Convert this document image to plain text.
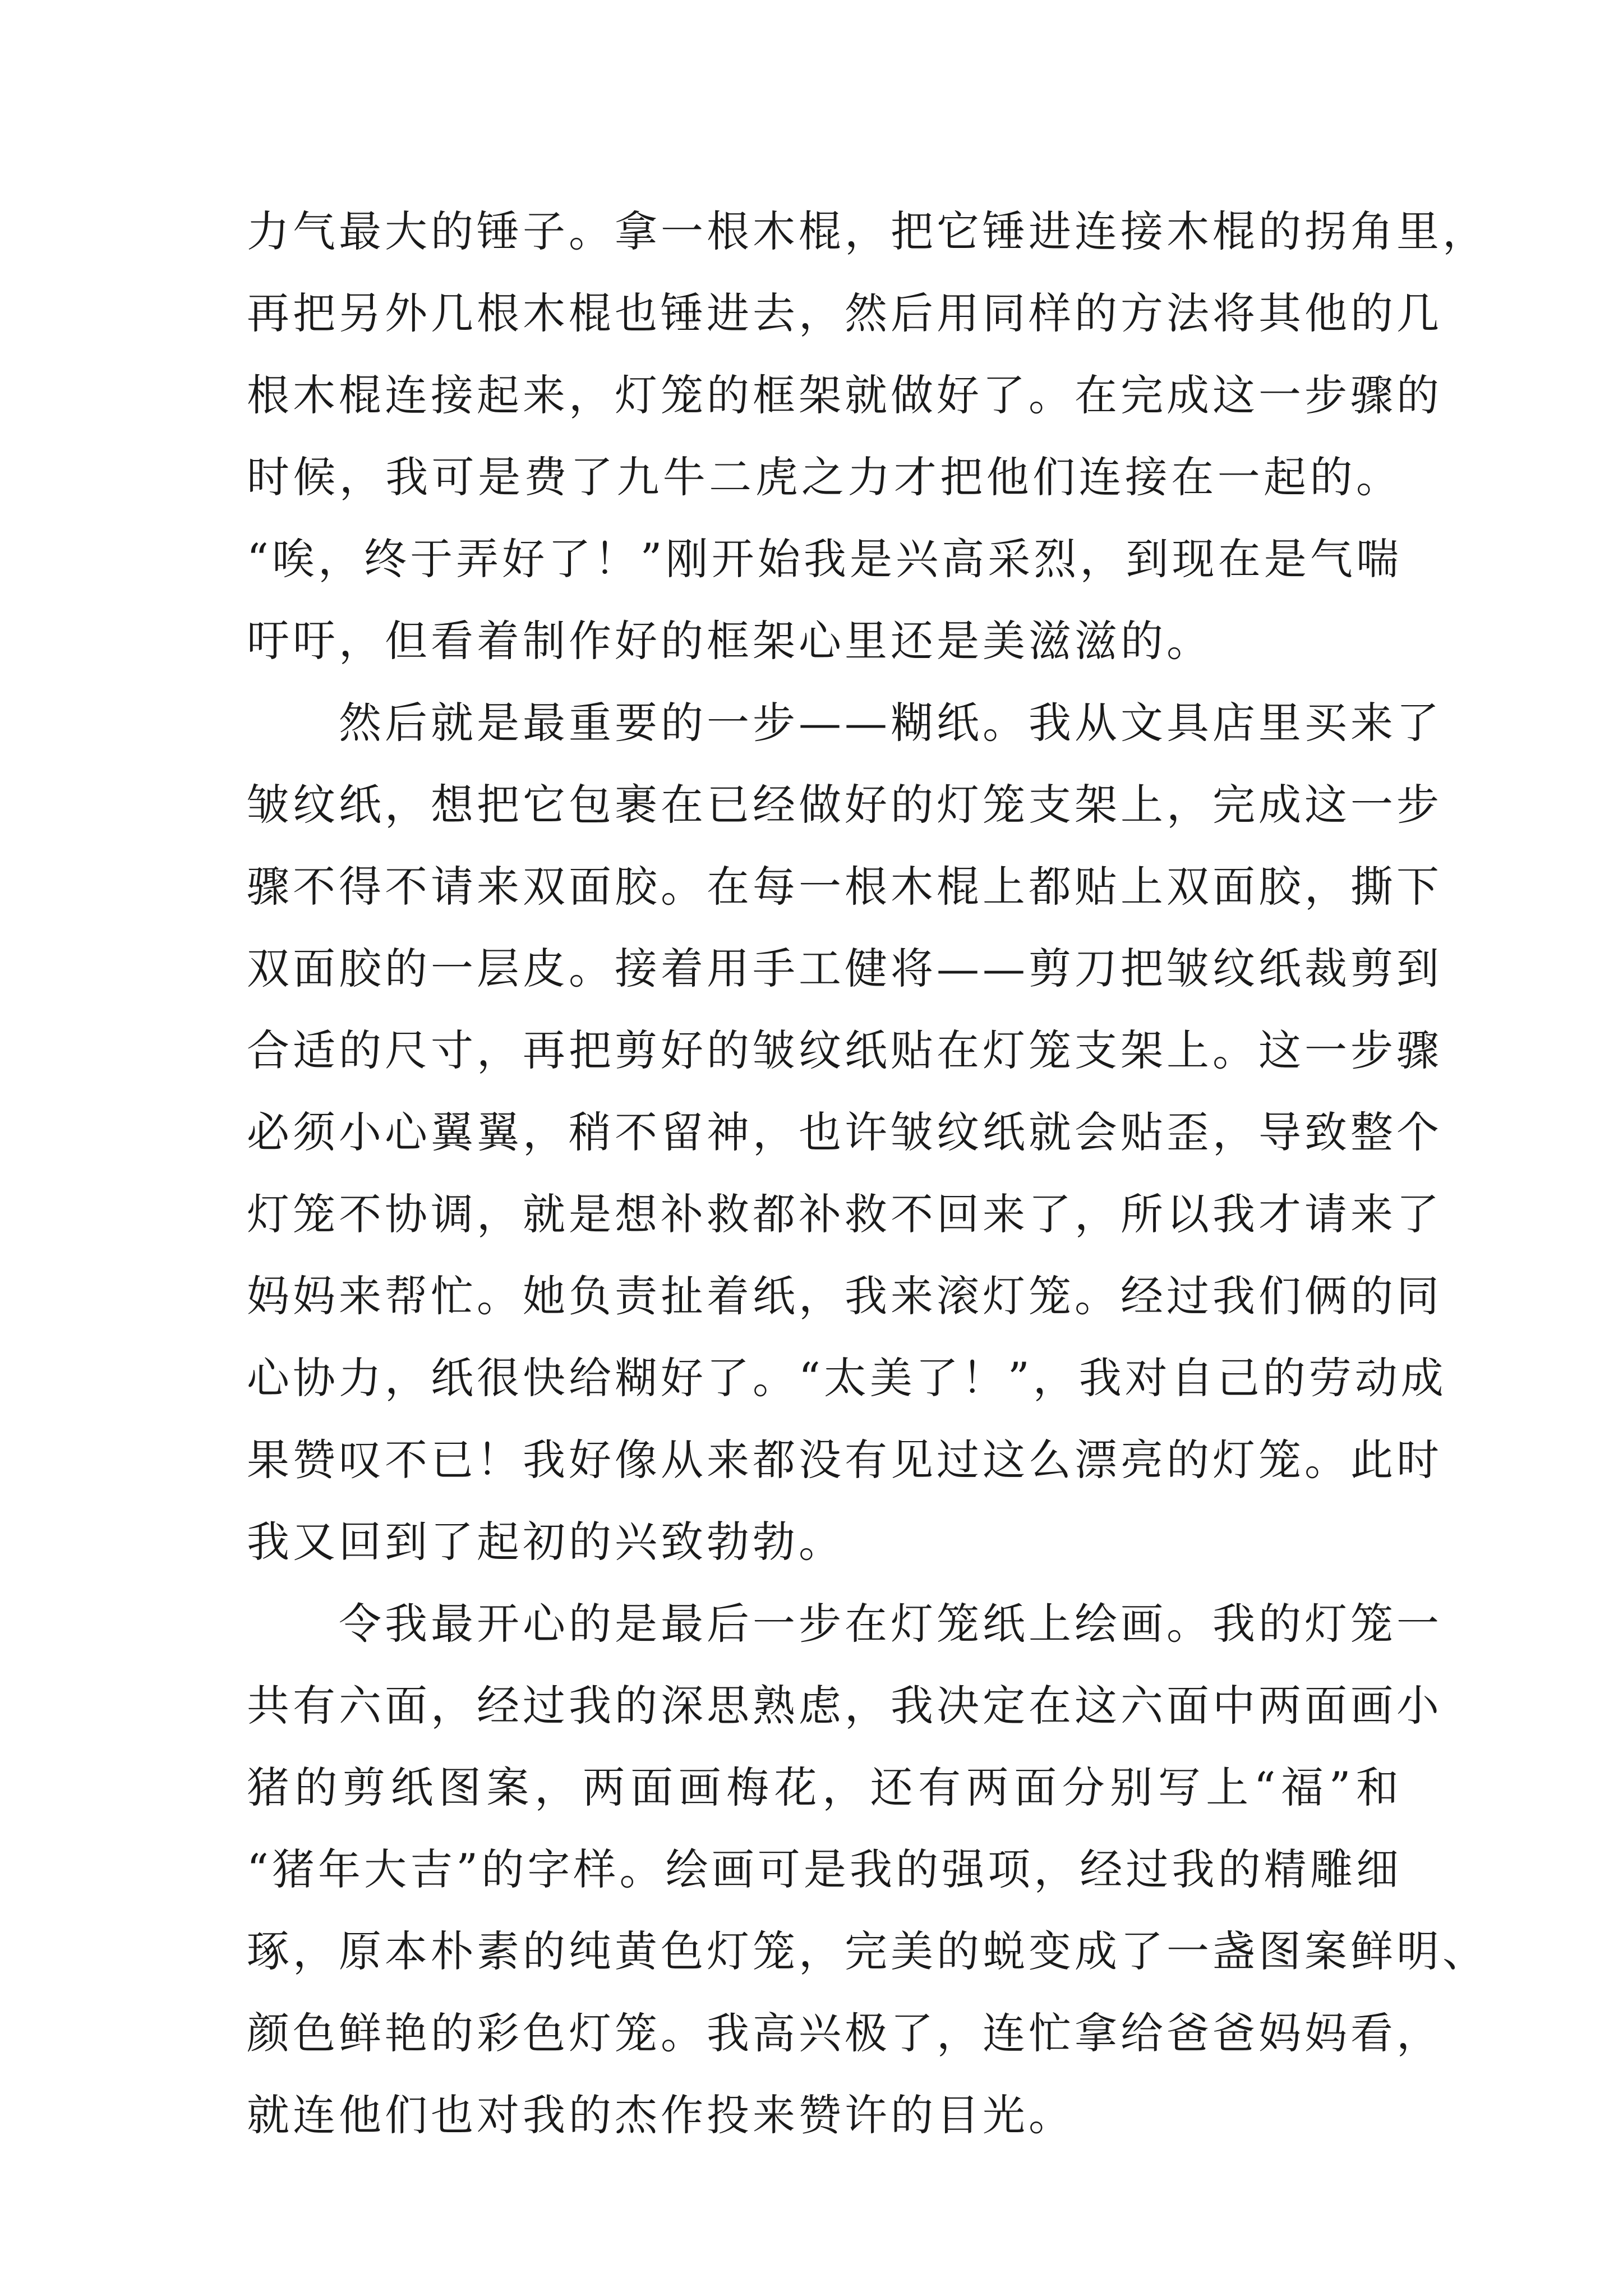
力气最大的锤子。拿一根木棍，把它锤进连接木棍的拐角里，
再把另外几根木棍也锤进去，然后用同样的方法将其他的几
根木棍连接起来，灯笼的框架就做好了。在完成这一步骤的
时候，我可是费了九牛二虎之力才把他们连接在一起的。
“唉，终于弄好了！”刚开始我是兴高采烈，到现在是气喘
吁吁，但看着制作好的框架心里还是美滋滋的。

　　然后就是最重要的一步——糊纸。我从文具店里买来了
皱纹纸，想把它包裹在已经做好的灯笼支架上，完成这一步
骤不得不请来双面胶。在每一根木棍上都贴上双面胶，撕下
双面胶的一层皮。接着用手工健将——剪刀把皱纹纸裁剪到
合适的尺寸，再把剪好的皱纹纸贴在灯笼支架上。这一步骤
必须小心翼翼，稍不留神，也许皱纹纸就会贴歪，导致整个
灯笼不协调，就是想补救都补救不回来了，所以我才请来了
妈妈来帮忙。她负责扯着纸，我来滚灯笼。经过我们俩的同
心协力，纸很快给糊好了。“太美了！”，我对自己的劳动成
果赞叹不已！我好像从来都没有见过这么漂亮的灯笼。此时
我又回到了起初的兴致勃勃。

　　令我最开心的是最后一步在灯笼纸上绘画。我的灯笼一
共有六面，经过我的深思熟虑，我决定在这六面中两面画小
猪的剪纸图案，两面画梅花，还有两面分别写上“福”和
“猪年大吉”的字样。绘画可是我的强项，经过我的精雕细
琢，原本朴素的纯黄色灯笼，完美的蜕变成了一盏图案鲜明、
颜色鲜艳的彩色灯笼。我高兴极了，连忙拿给爸爸妈妈看，
就连他们也对我的杰作投来赞许的目光。
